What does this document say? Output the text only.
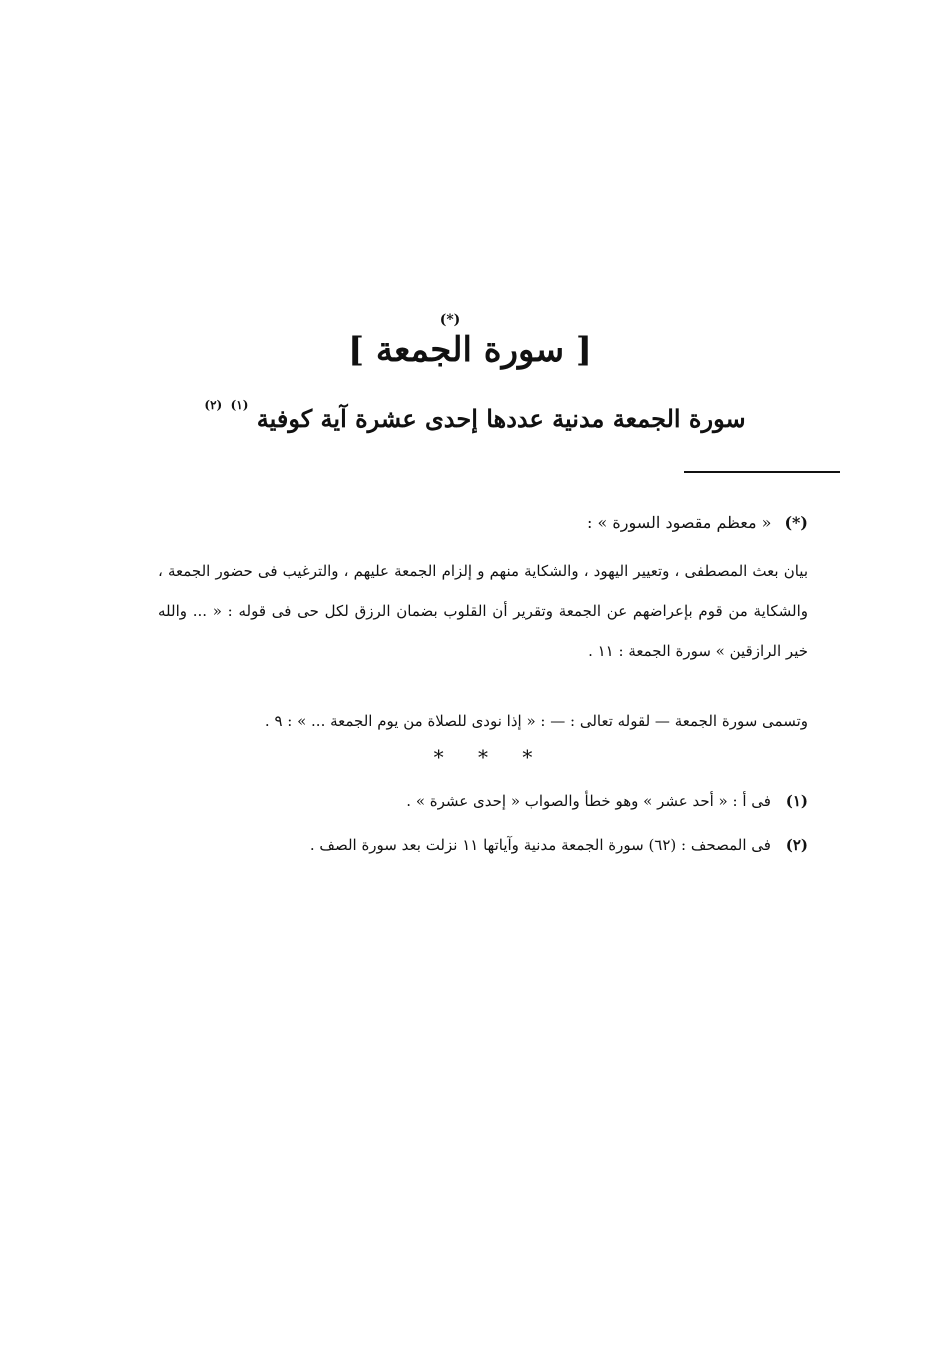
(*)
[ سورة الجمعة ]
سورة الجمعة مدنية عددها إحدى عشرة آية كوفية $^{(١)}$ $^{(٢)}$
(*) « معظم مقصود السورة » :

بيان بعث المصطفى ، وتعيير اليهود ، والشكاية منهم و إلزام الجمعة عليهم ، والترغيب فى حضور الجمعة ، والشكاية من قوم بإعراضهم عن الجمعة وتقرير أن القلوب بضمان الرزق لكل حى فى قوله : « ... والله خير الرازقين » سورة الجمعة : ١١ .

وتسمى سورة الجمعة — لقوله تعالى : — : « إذا نودى للصلاة من يوم الجمعة ... » : ٩ .

* * *
(١) فى أ : « أحد عشر » وهو خطأ والصواب « إحدى عشرة » .
(٢) فى المصحف : (٦٢) سورة الجمعة مدنية وآياتها ١١ نزلت بعد سورة الصف .
